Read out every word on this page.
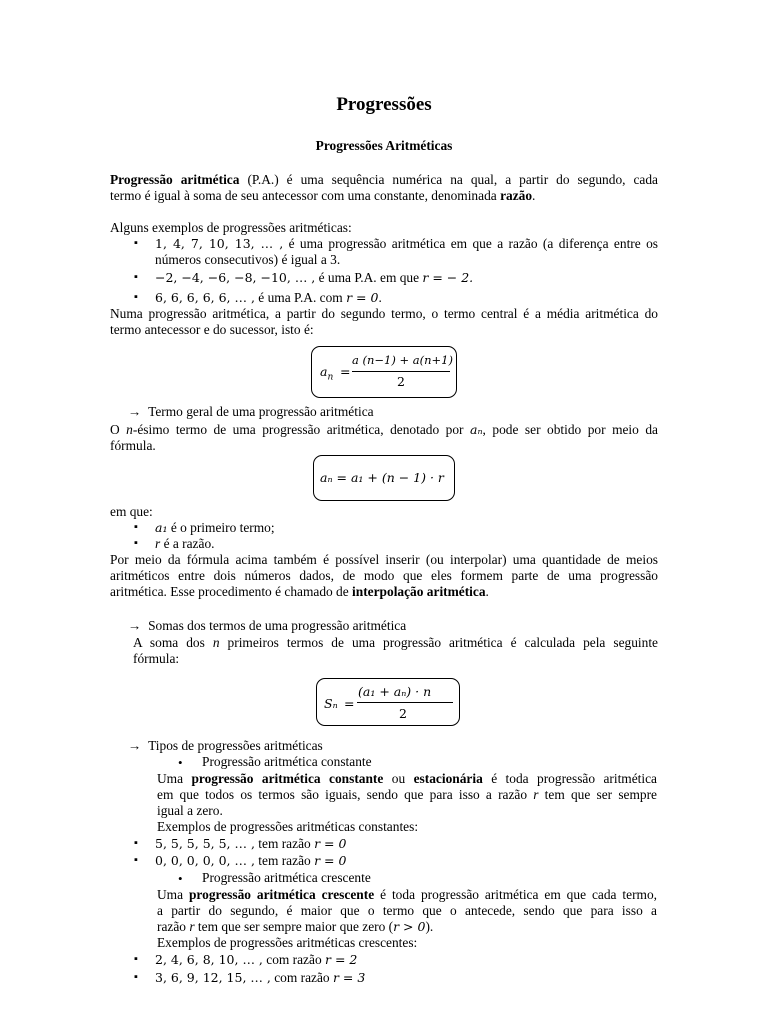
Progressões
Progressões Aritméticas
Progressão aritmética (P.A.) é uma sequência numérica na qual, a partir do segundo, cada
termo é igual à soma de seu antecessor com uma constante, denominada razão.
Alguns exemplos de progressões aritméticas:
▪ 1, 4, 7, 10, 13, … , é uma progressão aritmética em que a razão (a diferença entre os
números consecutivos) é igual a 3.
▪ −2, −4, −6, −8, −10, … , é uma P.A. em que r = − 2.
▪ 6, 6, 6, 6, 6, … , é uma P.A. com r = 0.
Numa progressão aritmética, a partir do segundo termo, o termo central é a média aritmética do
termo antecessor e do sucessor, isto é:
$a_n$ =
a (n−1) + a(n+1)
2
→ Termo geral de uma progressão aritmética
O n-ésimo termo de uma progressão aritmética, denotado por aₙ, pode ser obtido por meio da
fórmula.
aₙ = a₁ + (n − 1) · r
em que:
▪ a₁ é o primeiro termo;
▪ r é a razão.
Por meio da fórmula acima também é possível inserir (ou interpolar) uma quantidade de meios
aritméticos entre dois números dados, de modo que eles formem parte de uma progressão
aritmética. Esse procedimento é chamado de interpolação aritmética.
→ Somas dos termos de uma progressão aritmética
A soma dos n primeiros termos de uma progressão aritmética é calculada pela seguinte
fórmula:
Sₙ =
(a₁ + aₙ) · n
2
→ Tipos de progressões aritméticas
• Progressão aritmética constante
Uma progressão aritmética constante ou estacionária é toda progressão aritmética
em que todos os termos são iguais, sendo que para isso a razão r tem que ser sempre
igual a zero.
Exemplos de progressões aritméticas constantes:
▪ 5, 5, 5, 5, 5, … , tem razão r = 0
▪ 0, 0, 0, 0, 0, … , tem razão r = 0
• Progressão aritmética crescente
Uma progressão aritmética crescente é toda progressão aritmética em que cada termo,
a partir do segundo, é maior que o termo que o antecede, sendo que para isso a
razão r tem que ser sempre maior que zero (r > 0).
Exemplos de progressões aritméticas crescentes:
▪ 2, 4, 6, 8, 10, … , com razão r = 2
▪ 3, 6, 9, 12, 15, … , com razão r = 3
